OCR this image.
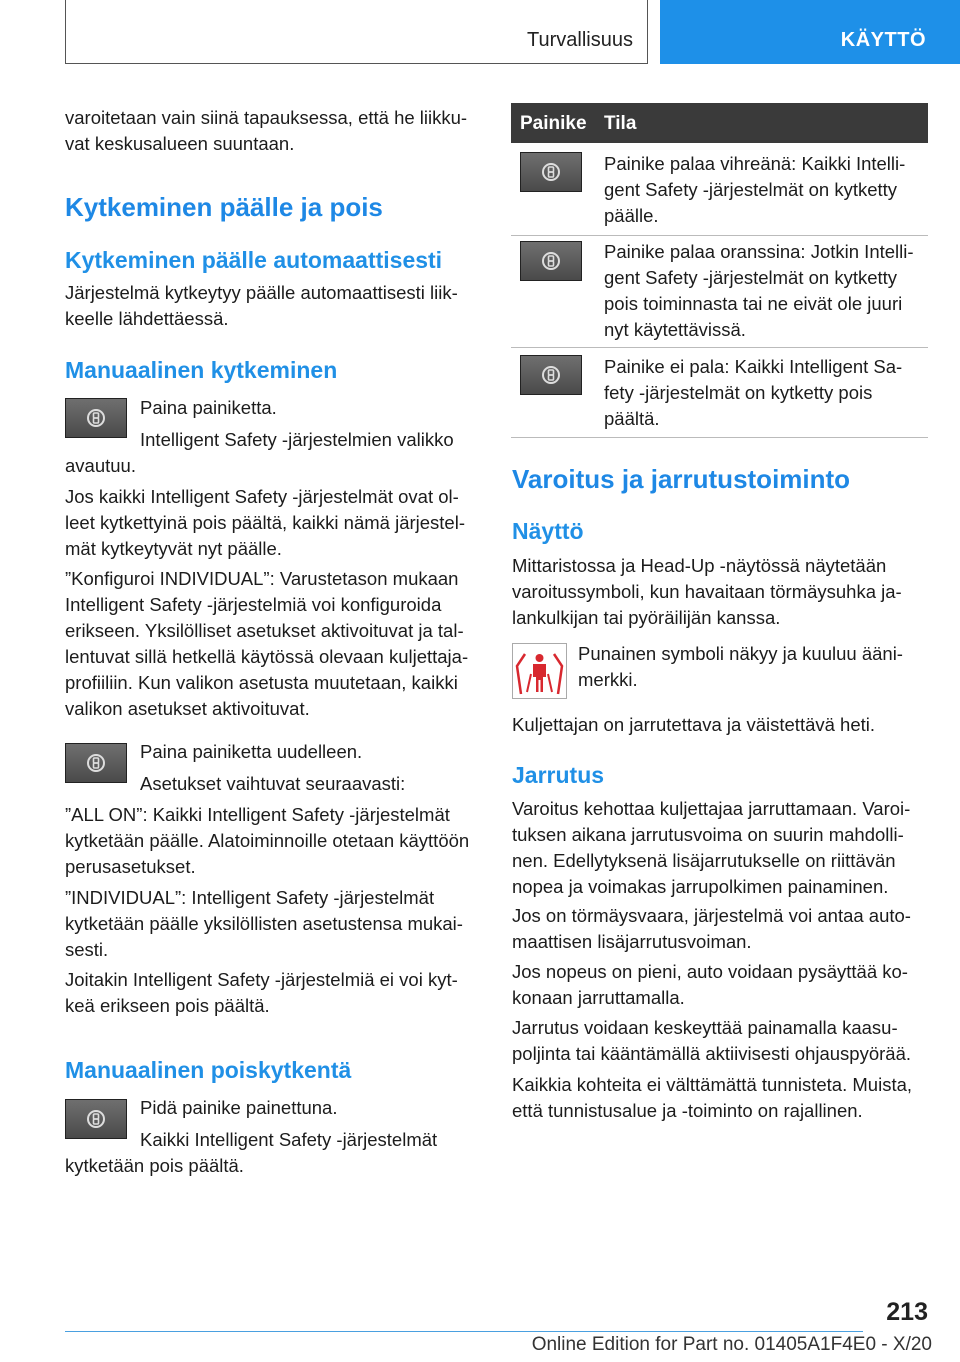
Turvallisuus	KÄYTTÖ

varoitetaan vain siinä tapauksessa, että he liikku-vat keskusalueen suuntaan.

Kytkeminen päälle ja pois
Kytkeminen päälle automaattisesti

Järjestelmä kytkeytyy päälle automaattisesti liik-keelle lähdettäessä.

Manuaalinen kytkeminen

Paina painiketta.

Intelligent Safety -järjestelmien valikko avautuu.

Jos kaikki Intelligent Safety -järjestelmät ovat ol-leet kytkettyinä pois päältä, kaikki nämä järjestel-mät kytkeytyvät nyt päälle.

”Konfiguroi INDIVIDUAL”: Varustetason mukaan Intelligent Safety -järjestelmiä voi konfiguroida erikseen. Yksilölliset asetukset aktivoituvat ja tal-lentuvat sillä hetkellä käytössä olevaan kuljettaja-profiiliin. Kun valikon asetusta muutetaan, kaikki valikon asetukset aktivoituvat.

Paina painiketta uudelleen.

Asetukset vaihtuvat seuraavasti:

”ALL ON”: Kaikki Intelligent Safety -järjestelmät kytketään päälle. Alatoiminnoille otetaan käyttöön perusasetukset.

”INDIVIDUAL”: Intelligent Safety -järjestelmät kytketään päälle yksilöllisten asetustensa mukai-sesti.

Joitakin Intelligent Safety -järjestelmiä ei voi kyt-keä erikseen pois päältä.

Manuaalinen poiskytkentä

Pidä painike painettuna.

Kaikki Intelligent Safety -järjestelmät kytketään pois päältä.

Painike Tila

Painike palaa vihreänä: Kaikki Intelli-gent Safety -järjestelmät on kytketty päälle.

Painike palaa oranssina: Jotkin Intelli-gent Safety -järjestelmät on kytketty pois toiminnasta tai ne eivät ole juuri nyt käytettävissä.

Painike ei pala: Kaikki Intelligent Sa-fety -järjestelmät on kytketty pois päältä.

Varoitus ja jarrutustoiminto
Näyttö

Mittaristossa ja Head-Up -näytössä näytetään varoitussymboli, kun havaitaan törmäysuhka ja-lankulkijan tai pyöräilijän kanssa.

Punainen symboli näkyy ja kuuluu ääni-merkki.

Kuljettajan on jarrutettava ja väistettävä heti.

Jarrutus

Varoitus kehottaa kuljettajaa jarruttamaan. Varoi-tuksen aikana jarrutusvoima on suurin mahdolli-nen. Edellytyksenä lisäjarrutukselle on riittävän nopea ja voimakas jarrupolkimen painaminen.

Jos on törmäysvaara, järjestelmä voi antaa auto-maattisen lisäjarrutusvoiman.

Jos nopeus on pieni, auto voidaan pysäyttää ko-konaan jarruttamalla.

Jarrutus voidaan keskeyttää painamalla kaasu-poljinta tai kääntämällä aktiivisesti ohjauspyörää.

Kaikkia kohteita ei välttämättä tunnisteta. Muista, että tunnistusalue ja -toiminto on rajallinen.

213
Online Edition for Part no. 01405A1F4E0 - X/20
